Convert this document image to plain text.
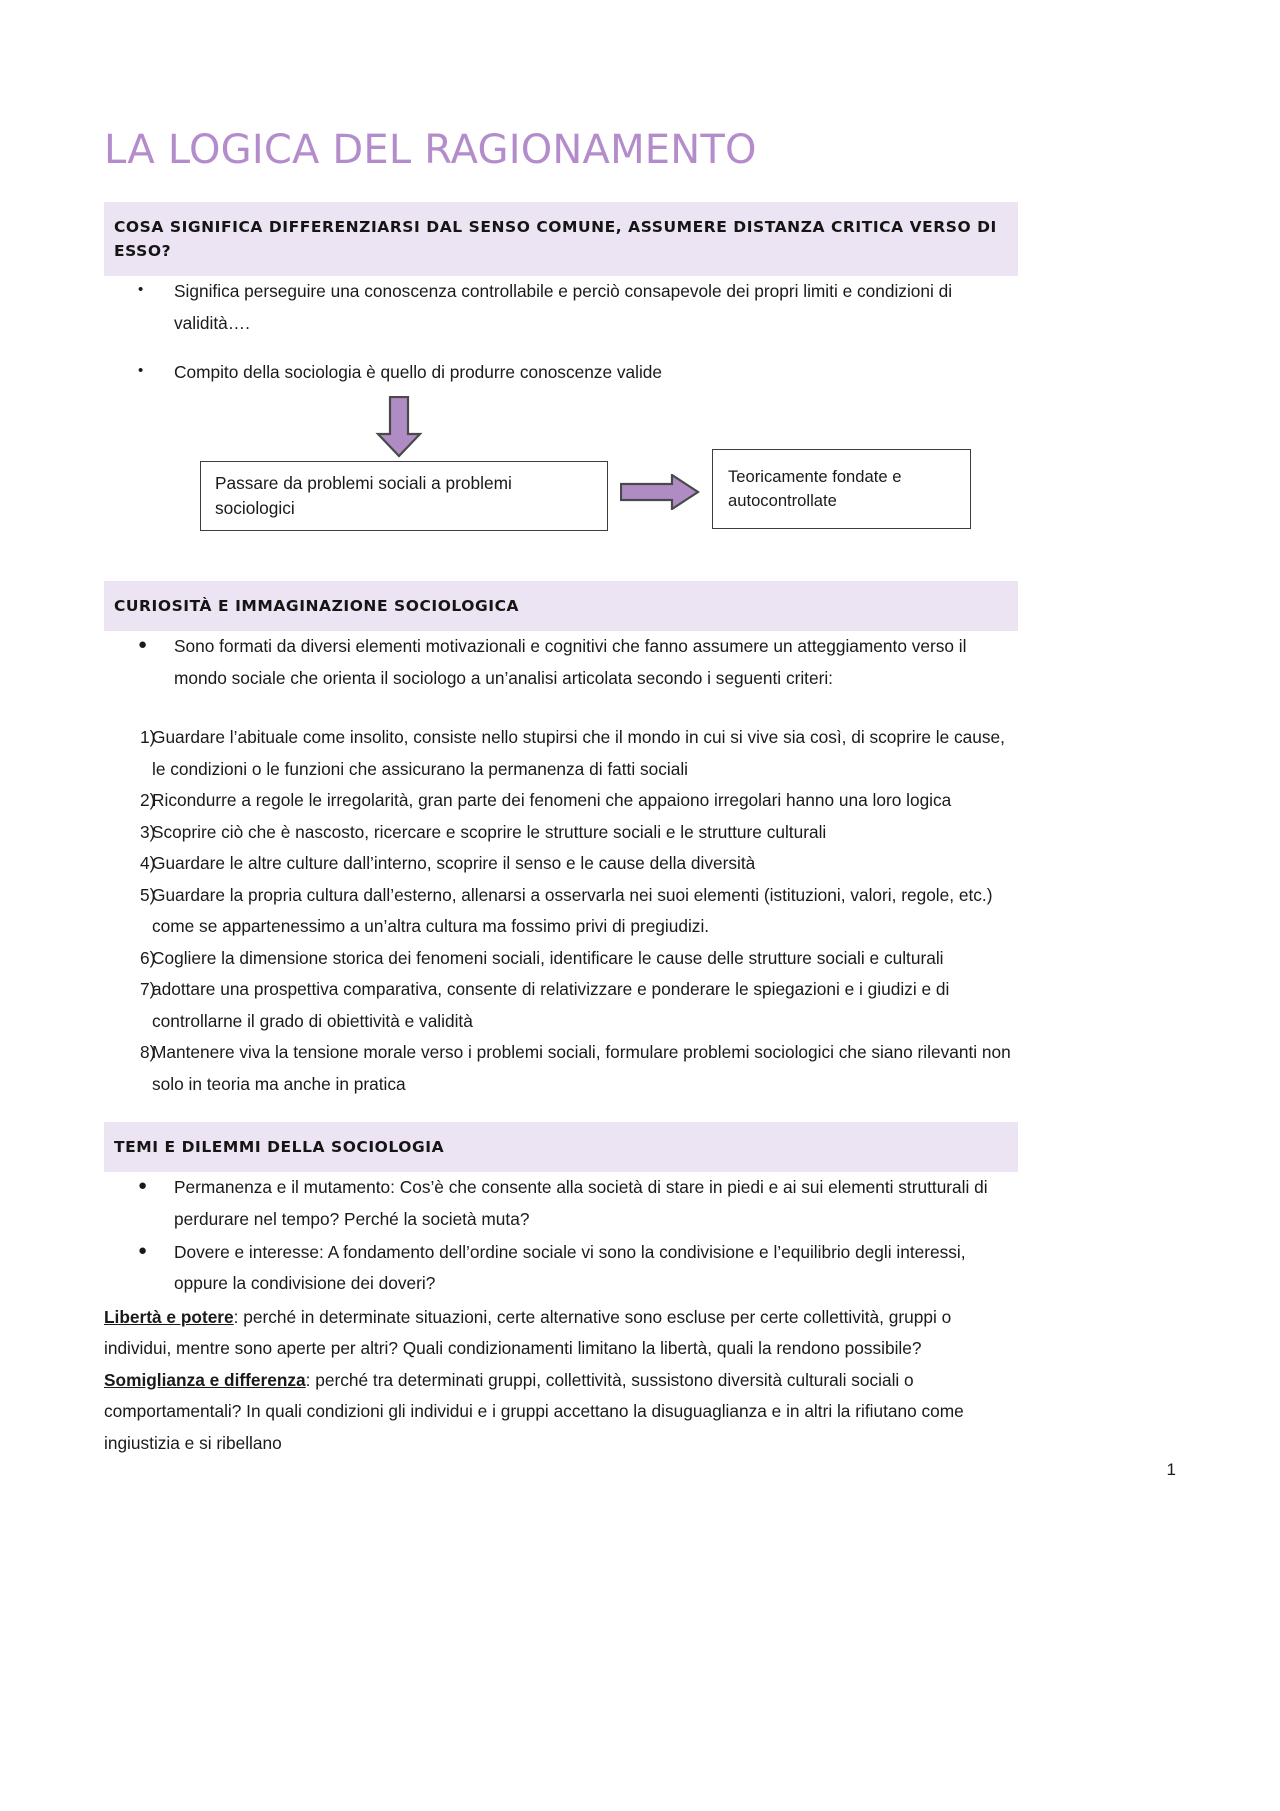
LA LOGICA DEL RAGIONAMENTO
COSA SIGNIFICA DIFFERENZIARSI DAL SENSO COMUNE, ASSUMERE DISTANZA CRITICA VERSO DI ESSO?
•	Significa perseguire una conoscenza controllabile e perciò consapevole dei propri limiti e condizioni di validità….
•	Compito della sociologia è quello di produrre conoscenze valide
Passare da problemi sociali a problemi sociologici
Teoricamente fondate e autocontrollate
CURIOSITÀ E IMMAGINAZIONE SOCIOLOGICA
●	Sono formati da diversi elementi motivazionali e cognitivi che fanno assumere un atteggiamento verso il mondo sociale che orienta il sociologo a un’analisi articolata secondo i seguenti criteri:
1)
Guardare l’abituale come insolito, consiste nello stupirsi che il mondo in cui si vive sia così, di scoprire le cause, le condizioni o le funzioni che assicurano la permanenza di fatti sociali
2)
Ricondurre a regole le irregolarità, gran parte dei fenomeni che appaiono irregolari hanno una loro logica
3)
Scoprire ciò che è nascosto, ricercare e scoprire le strutture sociali e le strutture culturali
4)
Guardare le altre culture dall’interno, scoprire il senso e le cause della diversità
5)
Guardare la propria cultura dall’esterno, allenarsi a osservarla nei suoi elementi (istituzioni, valori, regole, etc.) come se appartenessimo a un’altra cultura ma fossimo privi di pregiudizi.
6)
Cogliere la dimensione storica dei fenomeni sociali, identificare le cause delle strutture sociali e culturali
7)
adottare una prospettiva comparativa, consente di relativizzare e ponderare le spiegazioni e i giudizi e di controllarne il grado di obiettività e validità
8)
Mantenere viva la tensione morale verso i problemi sociali, formulare problemi sociologici che siano rilevanti non solo in teoria ma anche in pratica
TEMI E DILEMMI DELLA SOCIOLOGIA
●	Permanenza e il mutamento: Cos’è che consente alla società di stare in piedi e ai sui elementi strutturali di perdurare nel tempo? Perché la società muta?
●	Dovere e interesse: A fondamento dell’ordine sociale vi sono la condivisione e l’equilibrio degli interessi, oppure la condivisione dei doveri?

Libertà e potere: perché in determinate situazioni, certe alternative sono escluse per certe collettività, gruppi o individui, mentre sono aperte per altri? Quali condizionamenti limitano la libertà, quali la rendono possibile?

Somiglianza e differenza: perché tra determinati gruppi, collettività, sussistono diversità culturali sociali o comportamentali? In quali condizioni gli individui e i gruppi accettano la disuguaglianza e in altri la rifiutano come ingiustizia e si ribellano

1
